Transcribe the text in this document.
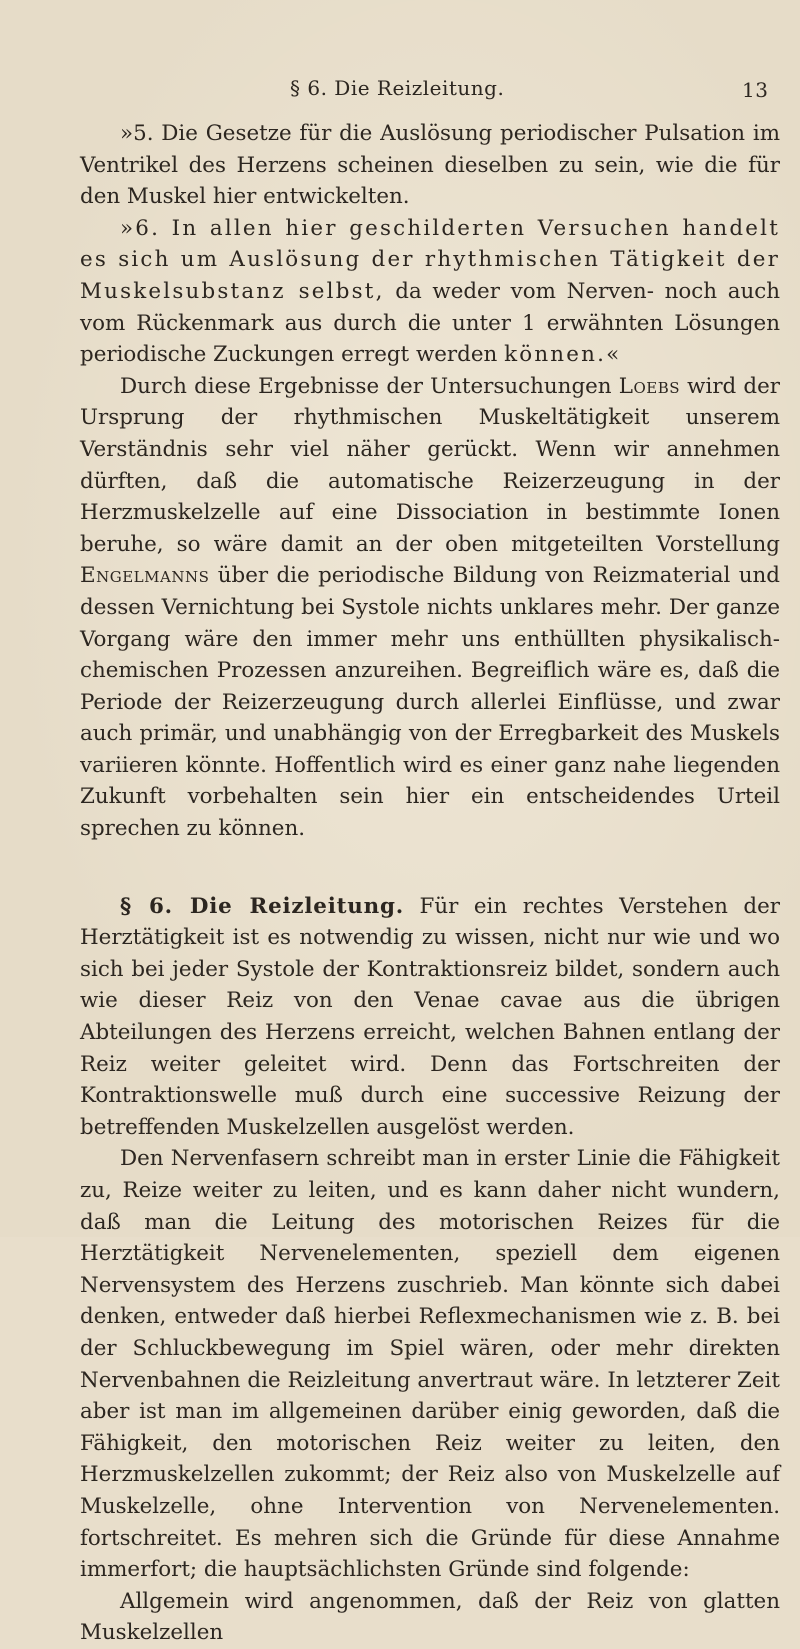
§ 6. Die Reizleitung.	13

»5. Die Gesetze für die Auslösung periodischer Pulsation im Ventrikel des Herzens scheinen dieselben zu sein, wie die für den Muskel hier entwickelten.

»6. In allen hier geschilderten Versuchen handelt es sich um Auslösung der rhythmischen Tätigkeit der Muskelsubstanz selbst, da weder vom Nerven- noch auch vom Rückenmark aus durch die unter 1 erwähnten Lösungen periodische Zuckungen erregt werden können.«

Durch diese Ergebnisse der Untersuchungen Loebs wird der Ursprung der rhythmischen Muskeltätigkeit unserem Verständnis sehr viel näher gerückt. Wenn wir annehmen dürften, daß die automatische Reizerzeugung in der Herzmuskelzelle auf eine Dissociation in bestimmte Ionen beruhe, so wäre damit an der oben mitgeteilten Vorstellung Engelmanns über die periodische Bildung von Reizmaterial und dessen Vernichtung bei Systole nichts unklares mehr. Der ganze Vorgang wäre den immer mehr uns enthüllten physikalisch-chemischen Prozessen anzureihen. Begreiflich wäre es, daß die Periode der Reizerzeugung durch allerlei Einflüsse, und zwar auch primär, und unabhängig von der Erregbarkeit des Muskels variieren könnte. Hoffentlich wird es einer ganz nahe liegenden Zukunft vorbehalten sein hier ein entscheidendes Urteil sprechen zu können.

§ 6. Die Reizleitung. Für ein rechtes Verstehen der Herztätigkeit ist es notwendig zu wissen, nicht nur wie und wo sich bei jeder Systole der Kontraktionsreiz bildet, sondern auch wie dieser Reiz von den Venae cavae aus die übrigen Abteilungen des Herzens erreicht, welchen Bahnen entlang der Reiz weiter geleitet wird. Denn das Fortschreiten der Kontraktionswelle muß durch eine successive Reizung der betreffenden Muskelzellen ausgelöst werden.

Den Nervenfasern schreibt man in erster Linie die Fähigkeit zu, Reize weiter zu leiten, und es kann daher nicht wundern, daß man die Leitung des motorischen Reizes für die Herztätigkeit Nervenelementen, speziell dem eigenen Nervensystem des Herzens zuschrieb. Man könnte sich dabei denken, entweder daß hierbei Reflexmechanismen wie z. B. bei der Schluckbewegung im Spiel wären, oder mehr direkten Nervenbahnen die Reizleitung anvertraut wäre. In letzterer Zeit aber ist man im allgemeinen darüber einig geworden, daß die Fähigkeit, den motorischen Reiz weiter zu leiten, den Herzmuskelzellen zukommt; der Reiz also von Muskelzelle auf Muskelzelle, ohne Intervention von Nervenelementen. fortschreitet. Es mehren sich die Gründe für diese Annahme immerfort; die hauptsächlichsten Gründe sind folgende:

Allgemein wird angenommen, daß der Reiz von glatten Muskelzellen
